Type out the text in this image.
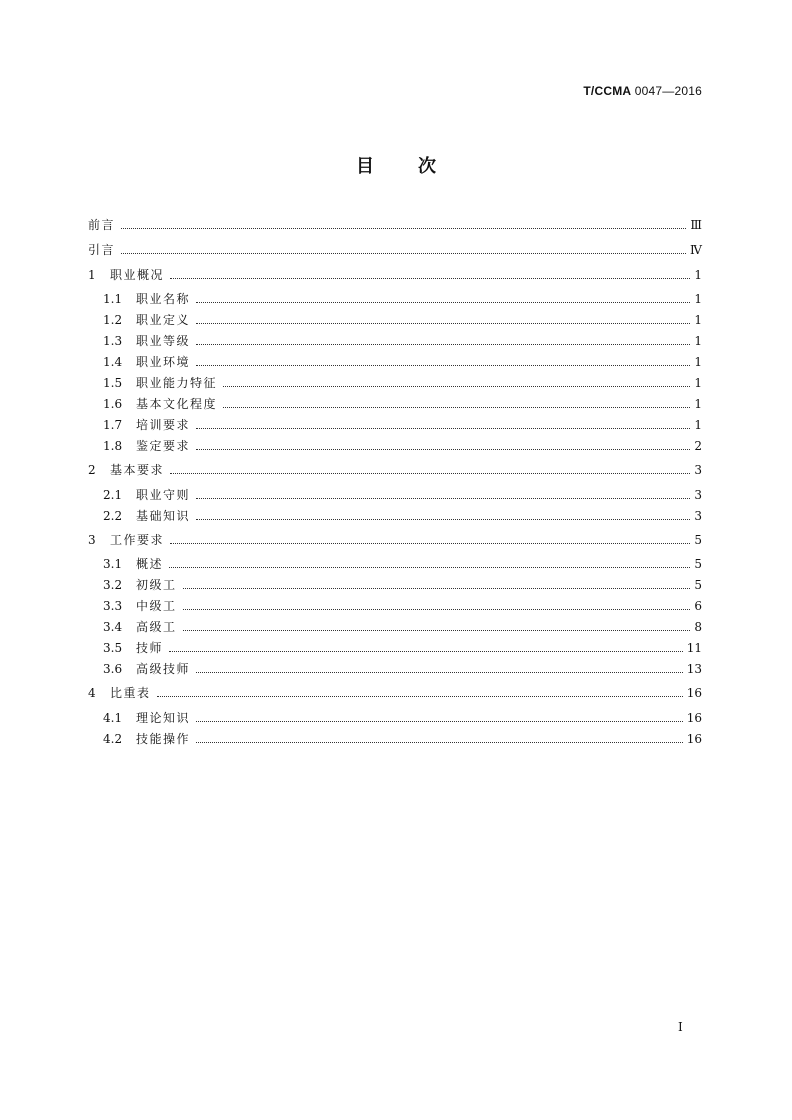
T/CCMA 0047—2016
目 次
前言	Ⅲ
引言	Ⅳ
1	职业概况	1
1.1	职业名称	1
1.2	职业定义	1
1.3	职业等级	1
1.4	职业环境	1
1.5	职业能力特征	1
1.6	基本文化程度	1
1.7	培训要求	1
1.8	鉴定要求	2
2	基本要求	3
2.1	职业守则	3
2.2	基础知识	3
3	工作要求	5
3.1	概述	5
3.2	初级工	5
3.3	中级工	6
3.4	高级工	8
3.5	技师	11
3.6	高级技师	13
4	比重表	16
4.1	理论知识	16
4.2	技能操作	16
I
